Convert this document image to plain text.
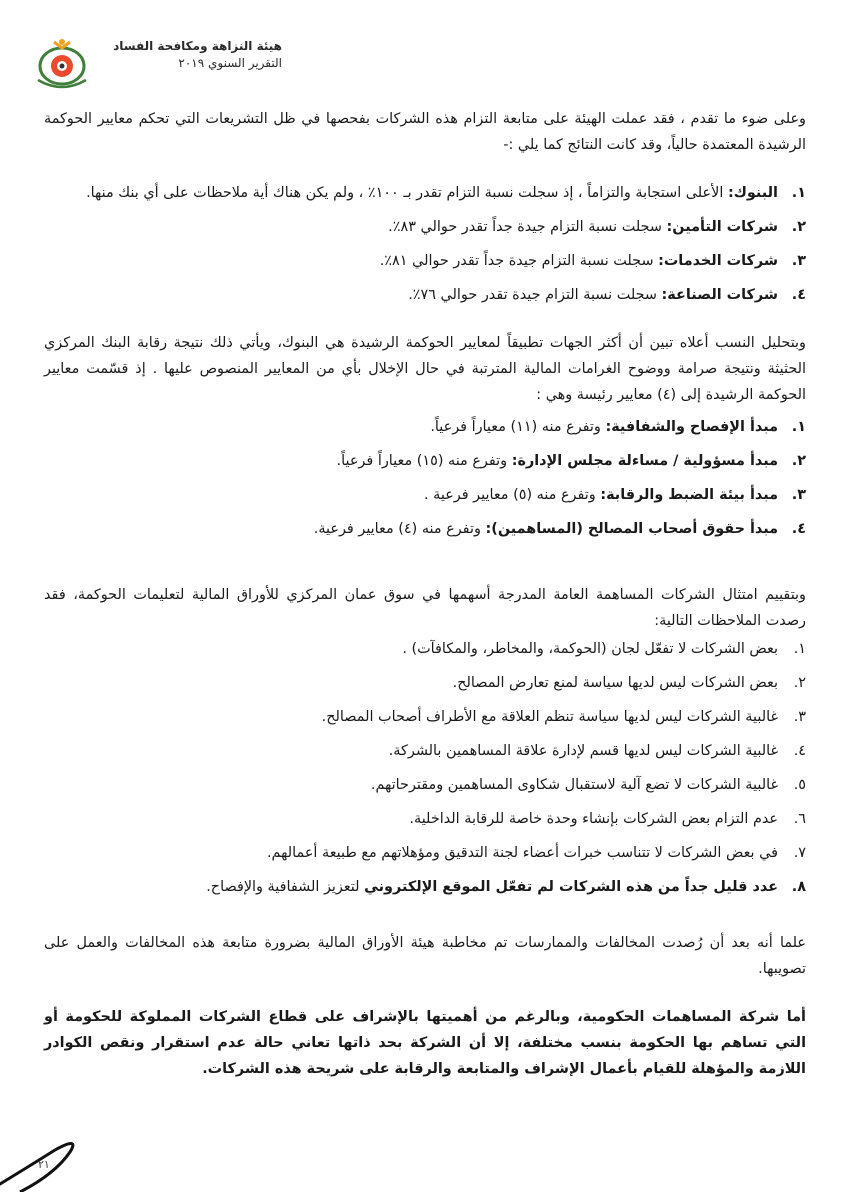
هيئة النزاهة ومكافحة الفساد
التقرير السنوي ٢٠١٩

وعلى ضوء ما تقدم ، فقد عملت الهيئة على متابعة التزام هذه الشركات بفحصها في ظل التشريعات التي تحكم معايير الحوكمة الرشيدة المعتمدة حالياً، وقد كانت النتائج كما يلي :-

١.
البنوك: الأعلى استجابة والتزاماً ، إذ سجلت نسبة التزام تقدر بـ ١٠٠٪ ، ولم يكن هناك أية ملاحظات على أي بنك منها.
٢.
شركات التأمين: سجلت نسبة التزام جيدة جداً تقدر حوالي ٨٣٪.
٣.
شركات الخدمات: سجلت نسبة التزام جيدة جداً تقدر حوالي ٨١٪.
٤.
شركات الصناعة: سجلت نسبة التزام جيدة تقدر حوالي ٧٦٪.

وبتحليل النسب أعلاه تبين أن أكثر الجهات تطبيقاً لمعايير الحوكمة الرشيدة هي البنوك، ويأتي ذلك نتيجة رقابة البنك المركزي الحثيثة ونتيجة صرامة ووضوح الغرامات المالية المترتبة في حال الإخلال بأي من المعايير المنصوص عليها . إذ قسّمت معايير الحوكمة الرشيدة إلى (٤) معايير رئيسة وهي :

١.
مبدأ الإفصاح والشفافية: وتفرع منه (١١) معياراً فرعياً.
٢.
مبدأ مسؤولية / مساءلة مجلس الإدارة: وتفرع منه (١٥) معياراً فرعياً.
٣.
مبدأ بيئة الضبط والرقابة: وتفرع منه (٥) معايير فرعية .
٤.
مبدأ حقوق أصحاب المصالح (المساهمين): وتفرع منه (٤) معايير فرعية.

وبتقييم امتثال الشركات المساهمة العامة المدرجة أسهمها في سوق عمان المركزي للأوراق المالية لتعليمات الحوكمة، فقد رصدت الملاحظات التالية:

١.
بعض الشركات لا تفعّل لجان (الحوكمة، والمخاطر، والمكافآت) .
٢.
بعض الشركات ليس لديها سياسة لمنع تعارض المصالح.
٣.
غالبية الشركات ليس لديها سياسة تنظم العلاقة مع الأطراف أصحاب المصالح.
٤.
غالبية الشركات ليس لديها قسم لإدارة علاقة المساهمين بالشركة.
٥.
غالبية الشركات لا تضع آلية لاستقبال شكاوى المساهمين ومقترحاتهم.
٦.
عدم التزام بعض الشركات بإنشاء وحدة خاصة للرقابة الداخلية.
٧.
في بعض الشركات لا تتناسب خبرات أعضاء لجنة التدقيق ومؤهلاتهم مع طبيعة أعمالهم.
٨.
عدد قليل جداً من هذه الشركات لم تفعّل الموقع الإلكتروني لتعزيز الشفافية والإفصاح.

علما أنه بعد أن رُصدت المخالفات والممارسات تم مخاطبة هيئة الأوراق المالية بضرورة متابعة هذه المخالفات والعمل على تصويبها.

أما شركة المساهمات الحكومية، وبالرغم من أهميتها بالإشراف على قطاع الشركات المملوكة للحكومة أو التي تساهم بها الحكومة بنسب مختلفة، إلا أن الشركة بحد ذاتها تعاني حالة عدم استقرار ونقص الكوادر اللازمة والمؤهلة للقيام بأعمال الإشراف والمتابعة والرقابة على شريحة هذه الشركات.

٢١
